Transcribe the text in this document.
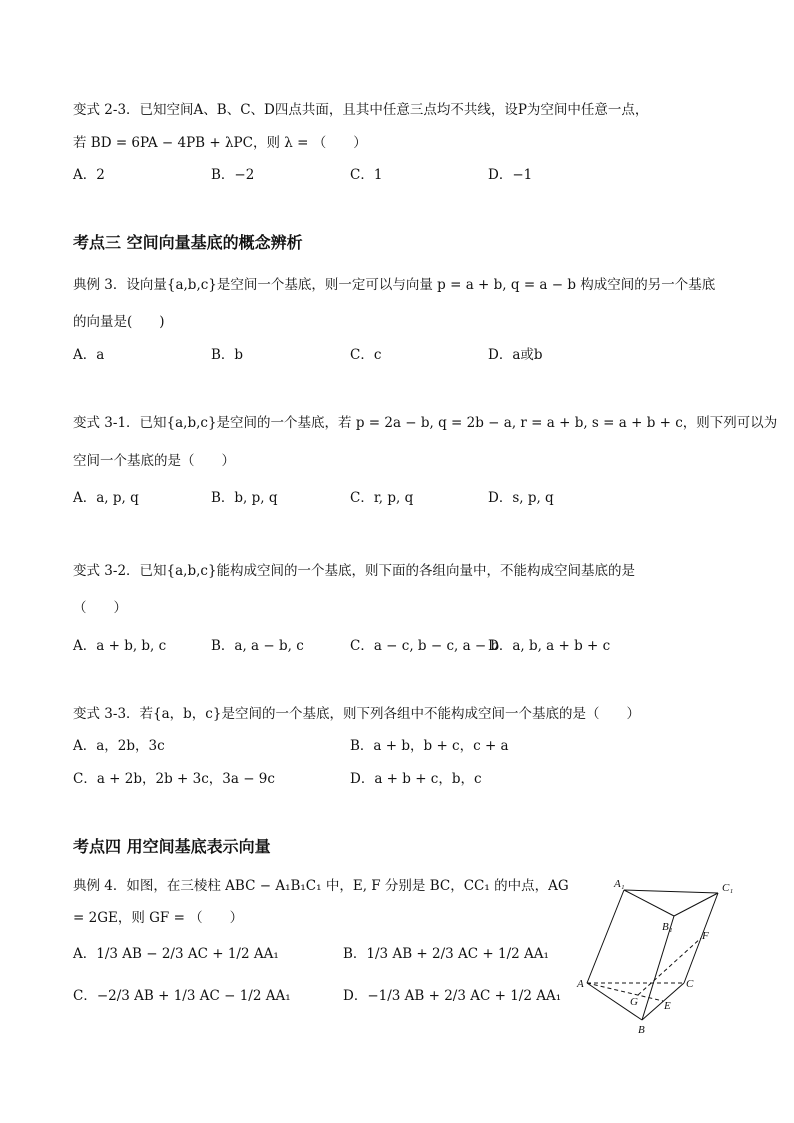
变式 2-3．已知空间A、B、C、D四点共面，且其中任意三点均不共线，设P为空间中任意一点，
若 BD = 6PA − 4PB + λPC，则 λ = （　　）
A．2	B．−2	C．1	D．−1
考点三 空间向量基底的概念辨析
典例 3．设向量{a,b,c}是空间一个基底，则一定可以与向量 p = a + b, q = a − b 构成空间的另一个基底
的向量是(　　)
A．a	B．b	C．c	D．a或b
变式 3-1．已知{a,b,c}是空间的一个基底，若 p = 2a − b, q = 2b − a, r = a + b, s = a + b + c，则下列可以为
空间一个基底的是（　　）
A．a, p, q	B．b, p, q	C．r, p, q	D．s, p, q
变式 3-2．已知{a,b,c}能构成空间的一个基底，则下面的各组向量中，不能构成空间基底的是
（　　）
A．a + b, b, c	B．a, a − b, c	C．a − c, b − c, a − b
D．a, b, a + b + c
变式 3-3．若{a，b，c}是空间的一个基底，则下列各组中不能构成空间一个基底的是（　　）
A．a，2b，3c	B．a + b，b + c，c + a
C．a + 2b，2b + 3c，3a − 9c	D．a + b + c，b，c
考点四 用空间基底表示向量
典例 4．如图，在三棱柱 ABC − A₁B₁C₁ 中，E, F 分别是 BC，CC₁ 的中点，AG
= 2GE，则 GF = （　　）
A．1/3 AB − 2/3 AC + 1/2 AA₁	B．1/3 AB + 2/3 AC + 1/2 AA₁
C．−2/3 AB + 1/3 AC − 1/2 AA₁	D．−1/3 AB + 2/3 AC + 1/2 AA₁
A₁	C₁
B₁
F
A	C
G E
B
